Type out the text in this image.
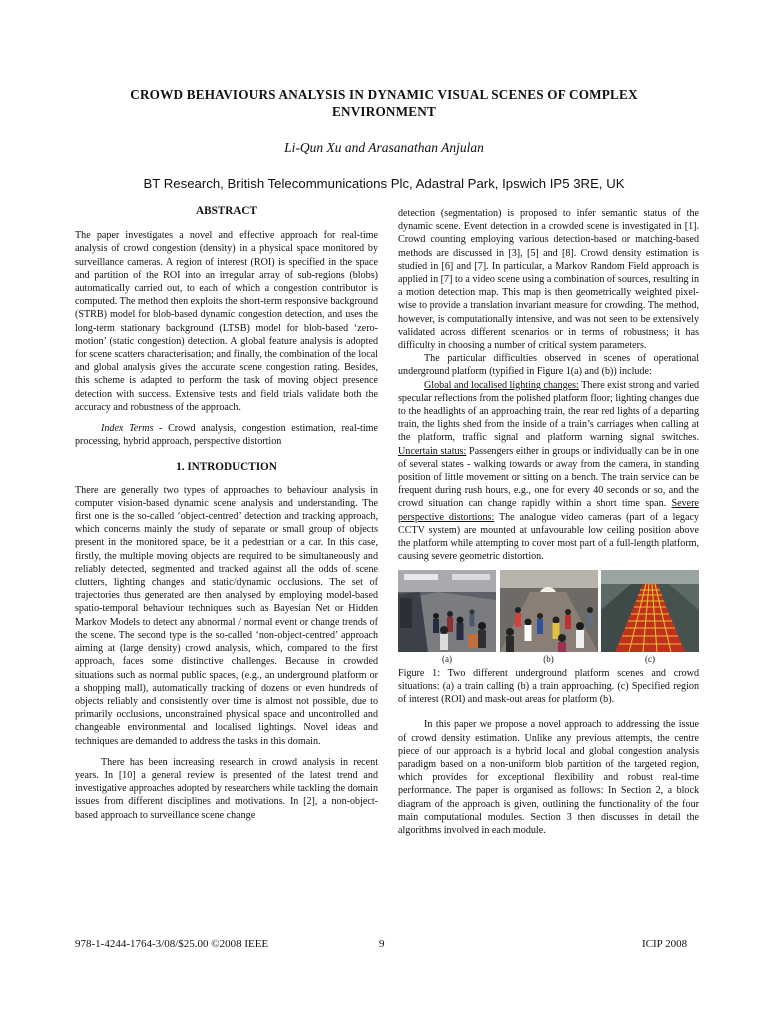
CROWD BEHAVIOURS ANALYSIS IN DYNAMIC VISUAL SCENES OF COMPLEX ENVIRONMENT
Li-Qun Xu and Arasanathan Anjulan
BT Research, British Telecommunications Plc, Adastral Park, Ipswich IP5 3RE, UK

ABSTRACT

The paper investigates a novel and effective approach for real-time analysis of crowd congestion (density) in a physical space monitored by surveillance cameras. A region of interest (ROI) is specified in the space and partition of the ROI into an irregular array of sub-regions (blobs) automatically carried out, to each of which a congestion contributor is computed. The method then exploits the short-term responsive background (STRB) model for blob-based dynamic congestion detection, and uses the long-term stationary background (LTSB) model for blob-based ‘zero-motion’ (static congestion) detection. A global feature analysis is adopted for scene scatters characterisation; and finally, the combination of the local and global analysis gives the accurate scene congestion rating. Besides, this scheme is adapted to perform the task of moving object presence detection with success. Extensive tests and field trials validate both the accuracy and robustness of the approach.

Index Terms - Crowd analysis, congestion estimation, real-time processing, hybrid approach, perspective distortion

1. INTRODUCTION

There are generally two types of approaches to behaviour analysis in computer vision-based dynamic scene analysis and understanding. The first one is the so-called ‘object-centred’ detection and tracking approach, which concerns mainly the study of separate or small group of objects present in the monitored space, be it a pedestrian or a car. In this case, firstly, the multiple moving objects are required to be simultaneously and reliably detected, segmented and tracked against all the odds of scene clutters, lighting changes and static/dynamic occlusions. The set of trajectories thus generated are then analysed by employing model-based spatio-temporal behaviour techniques such as Bayesian Net or Hidden Markov Models to detect any abnormal / normal event or change trends of the scene. The second type is the so-called ‘non-object-centred’ approach aiming at (large density) crowd analysis, which, compared to the first approach, faces some distinctive challenges. Because in crowded situations such as normal public spaces, (e.g., an underground platform or a shopping mall), automatically tracking of dozens or even hundreds of objects reliably and consistently over time is almost not possible, due to primarily occlusions, unconstrained physical space and uncontrolled and changeable environmental and localised lightings. Novel ideas and techniques are demanded to address the tasks in this domain.

There has been increasing research in crowd analysis in recent years. In [10] a general review is presented of the latest trend and investigative approaches adopted by researchers while tackling the domain issues from different disciplines and motivations. In [2], a non-object-based approach to surveillance scene change

detection (segmentation) is proposed to infer semantic status of the dynamic scene. Event detection in a crowded scene is investigated in [1]. Crowd counting employing various detection-based or matching-based methods are discussed in [3], [5] and [8]. Crowd density estimation is studied in [6] and [7]. In particular, a Markov Random Field approach is applied in [7] to a video scene using a combination of sources, resulting in a motion detection map. This map is then geometrically weighted pixel-wise to provide a translation invariant measure for crowding. The method, however, is computationally intensive, and was not seen to be extensively validated across different scenarios or in terms of robustness; it has difficulty in choosing a number of critical system parameters.

The particular difficulties observed in scenes of operational underground platform (typified in Figure 1(a) and (b)) include:

Global and localised lighting changes: There exist strong and varied specular reflections from the polished platform floor; lighting changes due to the headlights of an approaching train, the rear red lights of a departing train, the lights shed from the inside of a train’s carriages when calling at the platform, traffic signal and platform warning signal switches. Uncertain status: Passengers either in groups or individually can be in one of several states - walking towards or away from the camera, in standing position of little movement or sitting on a bench. The train service can be frequent during rush hours, e.g., one for every 40 seconds or so, and the crowd situation can change rapidly within a short time span. Severe perspective distortions: The analogue video cameras (part of a legacy CCTV system) are mounted at unfavourable low ceiling position above the platform while attempting to cover most part of a full-length platform, causing severe geometric distortion.

(a)	(b)	(c)

Figure 1: Two different underground platform scenes and crowd situations: (a) a train calling (b) a train approaching. (c) Specified region of interest (ROI) and mask-out areas for platform (b).

In this paper we propose a novel approach to addressing the issue of crowd density estimation. Unlike any previous attempts, the centre piece of our approach is a hybrid local and global congestion analysis paradigm based on a non-uniform blob partition of the targeted region, which provides for exceptional flexibility and robust real-time performance. The paper is organised as follows: In Section 2, a block diagram of the approach is given, outlining the functionality of the four main computational modules. Section 3 then discusses in detail the algorithms involved in each module.

978-1-4244-1764-3/08/$25.00 ©2008 IEEE	9	ICIP 2008
